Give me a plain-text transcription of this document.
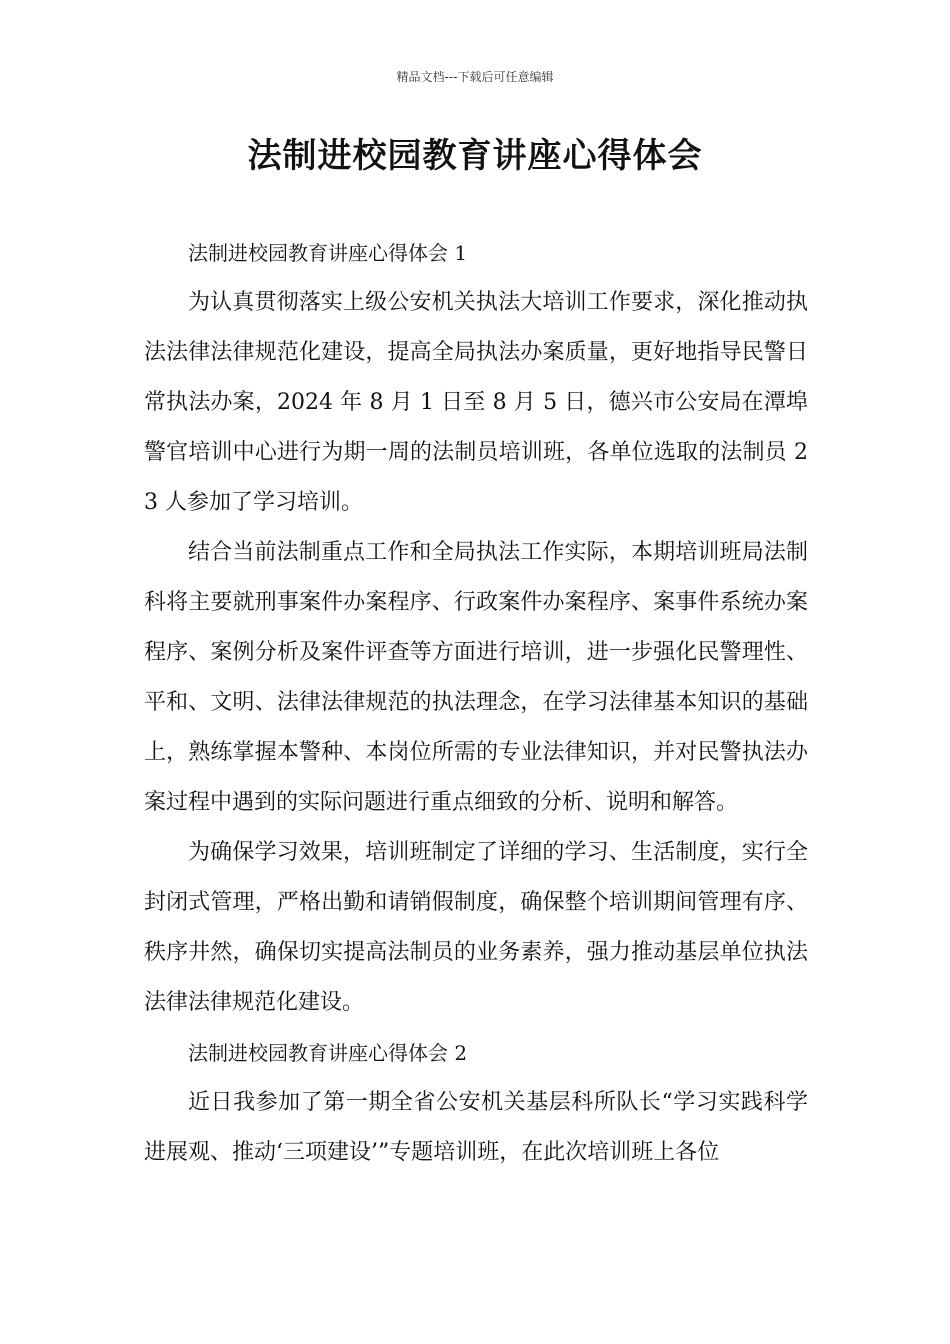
精品文档---下载后可任意编辑
法制进校园教育讲座心得体会

法制进校园教育讲座心得体会 1

为认真贯彻落实上级公安机关执法大培训工作要求，深化推动执法法律法律规范化建设，提高全局执法办案质量，更好地指导民警日常执法办案，2024 年 8 月 1 日至 8 月 5 日，德兴市公安局在潭埠警官培训中心进行为期一周的法制员培训班，各单位选取的法制员 23 人参加了学习培训。

结合当前法制重点工作和全局执法工作实际，本期培训班局法制科将主要就刑事案件办案程序、行政案件办案程序、案事件系统办案程序、案例分析及案件评查等方面进行培训，进一步强化民警理性、平和、文明、法律法律规范的执法理念，在学习法律基本知识的基础上，熟练掌握本警种、本岗位所需的专业法律知识，并对民警执法办案过程中遇到的实际问题进行重点细致的分析、说明和解答。

为确保学习效果，培训班制定了详细的学习、生活制度，实行全封闭式管理，严格出勤和请销假制度，确保整个培训期间管理有序、秩序井然，确保切实提高法制员的业务素养，强力推动基层单位执法法律法律规范化建设。

法制进校园教育讲座心得体会 2

近日我参加了第一期全省公安机关基层科所队长“学习实践科学进展观、推动‘三项建设’”专题培训班，在此次培训班上各位
